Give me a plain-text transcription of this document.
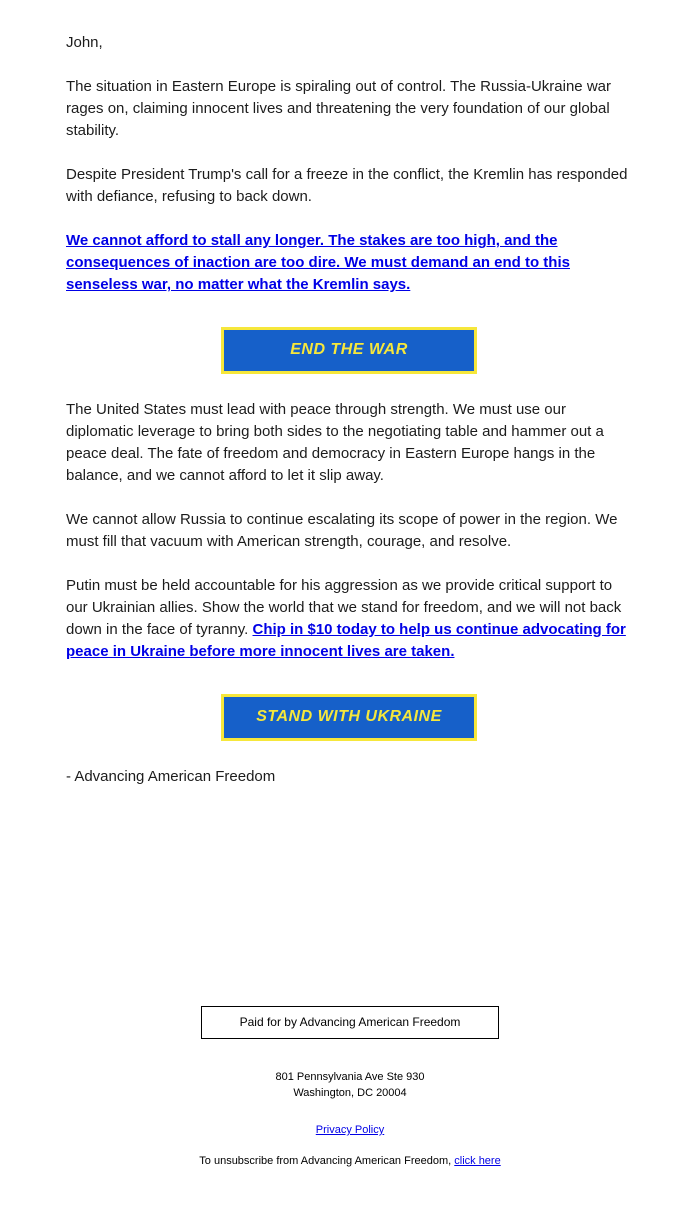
John,

The situation in Eastern Europe is spiraling out of control. The Russia-Ukraine war rages on, claiming innocent lives and threatening the very foundation of our global stability.

Despite President Trump's call for a freeze in the conflict, the Kremlin has responded with defiance, refusing to back down.

We cannot afford to stall any longer. The stakes are too high, and the consequences of inaction are too dire. We must demand an end to this senseless war, no matter what the Kremlin says.

END THE WAR

The United States must lead with peace through strength. We must use our diplomatic leverage to bring both sides to the negotiating table and hammer out a peace deal. The fate of freedom and democracy in Eastern Europe hangs in the balance, and we cannot afford to let it slip away.

We cannot allow Russia to continue escalating its scope of power in the region. We must fill that vacuum with American strength, courage, and resolve.

Putin must be held accountable for his aggression as we provide critical support to our Ukrainian allies. Show the world that we stand for freedom, and we will not back down in the face of tyranny. Chip in $10 today to help us continue advocating for peace in Ukraine before more innocent lives are taken.

STAND WITH UKRAINE

- Advancing American Freedom

Paid for by Advancing American Freedom
801 Pennsylvania Ave Ste 930
Washington, DC 20004
Privacy Policy
To unsubscribe from Advancing American Freedom, click here
